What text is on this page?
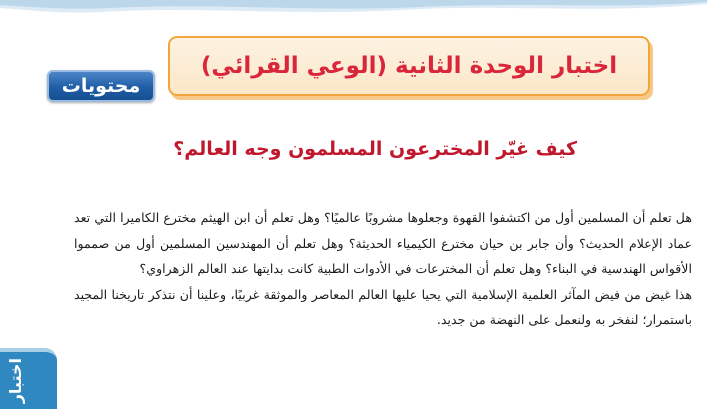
اختبار الوحدة الثانية (الوعي القرائي)
محتويات
كيف غيّر المخترعون المسلمون وجه العالم؟

هل تعلم أن المسلمين أول من اكتشفوا القهوة وجعلوها مشروبًا عالميًا؟ وهل تعلم أن ابن الهيثم مخترع الكاميرا التي تعد عماد الإعلام الحديث؟ وأن جابر بن حيان مخترع الكيمياء الحديثة؟ وهل تعلم أن المهندسين المسلمين أول من صمموا الأقواس الهندسية في البناء؟ وهل تعلم أن المخترعات في الأدوات الطبية كانت بدايتها عند العالم الزهراوي؟

هذا غيض من فيض المآثر العلمية الإسلامية التي يحيا عليها العالم المعاصر والموثقة غربيًا، وعلينا أن نتذكر تاريخنا المجيد باستمرار؛ لنفخر به ولنعمل على النهضة من جديد.

اختبار
